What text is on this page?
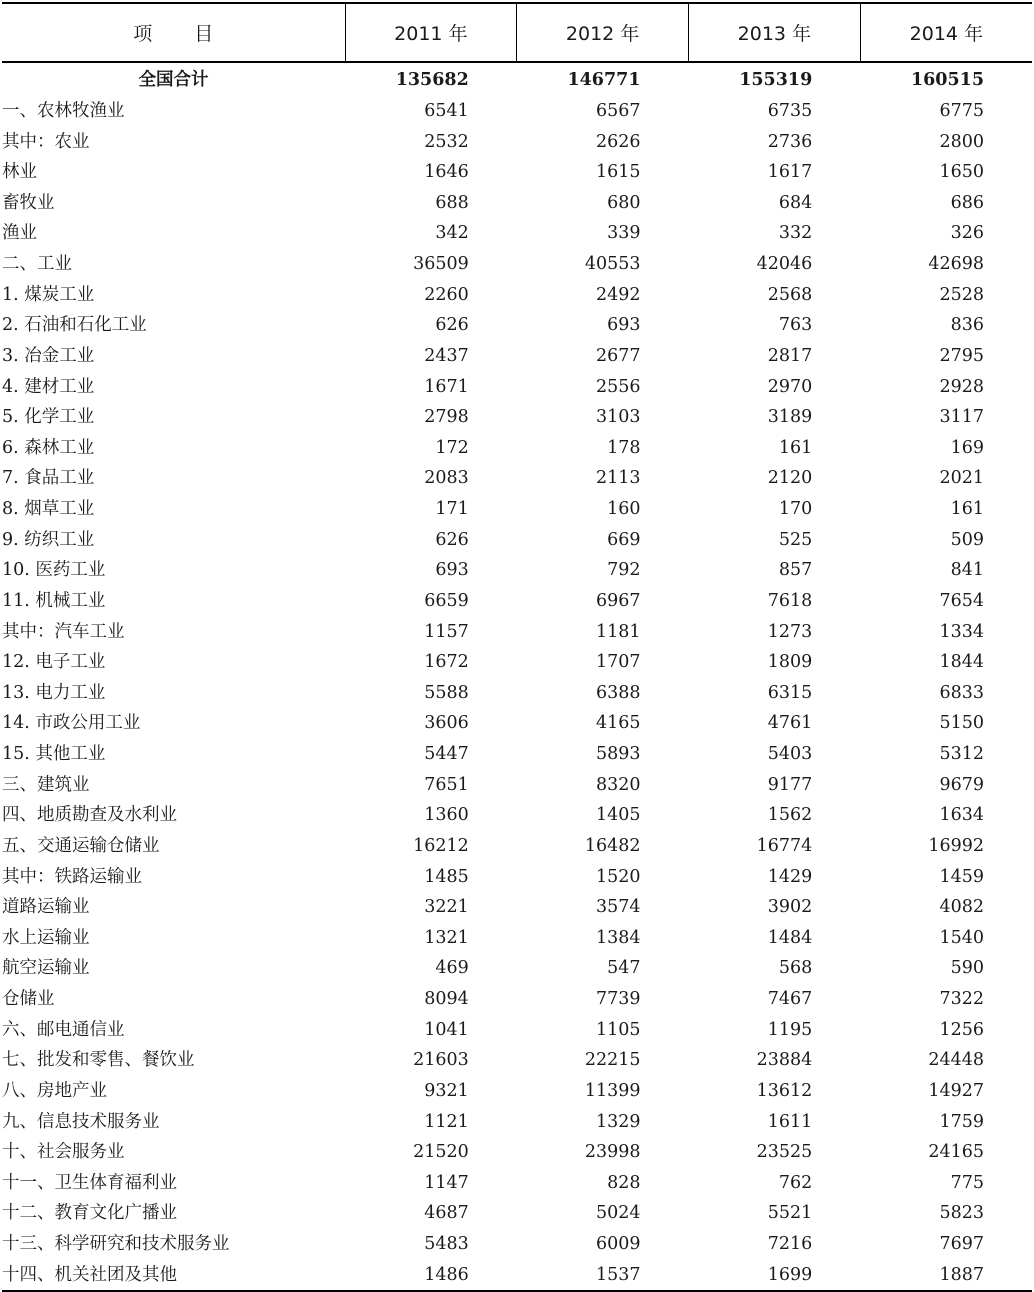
项 目	2011 年	2012 年	2013 年	2014 年
全国合计	135682	146771	155319	160515
一、农林牧渔业	6541	6567	6735	6775
其中：农业	2532	2626	2736	2800
林业	1646	1615	1617	1650
畜牧业	688	680	684	686
渔业	342	339	332	326
二、工业	36509	40553	42046	42698
1. 煤炭工业	2260	2492	2568	2528
2. 石油和石化工业	626	693	763	836
3. 冶金工业	2437	2677	2817	2795
4. 建材工业	1671	2556	2970	2928
5. 化学工业	2798	3103	3189	3117
6. 森林工业	172	178	161	169
7. 食品工业	2083	2113	2120	2021
8. 烟草工业	171	160	170	161
9. 纺织工业	626	669	525	509
10. 医药工业	693	792	857	841
11. 机械工业	6659	6967	7618	7654
其中：汽车工业	1157	1181	1273	1334
12. 电子工业	1672	1707	1809	1844
13. 电力工业	5588	6388	6315	6833
14. 市政公用工业	3606	4165	4761	5150
15. 其他工业	5447	5893	5403	5312
三、建筑业	7651	8320	9177	9679
四、地质勘查及水利业	1360	1405	1562	1634
五、交通运输仓储业	16212	16482	16774	16992
其中：铁路运输业	1485	1520	1429	1459
道路运输业	3221	3574	3902	4082
水上运输业	1321	1384	1484	1540
航空运输业	469	547	568	590
仓储业	8094	7739	7467	7322
六、邮电通信业	1041	1105	1195	1256
七、批发和零售、餐饮业	21603	22215	23884	24448
八、房地产业	9321	11399	13612	14927
九、信息技术服务业	1121	1329	1611	1759
十、社会服务业	21520	23998	23525	24165
十一、卫生体育福利业	1147	828	762	775
十二、教育文化广播业	4687	5024	5521	5823
十三、科学研究和技术服务业	5483	6009	7216	7697
十四、机关社团及其他	1486	1537	1699	1887
